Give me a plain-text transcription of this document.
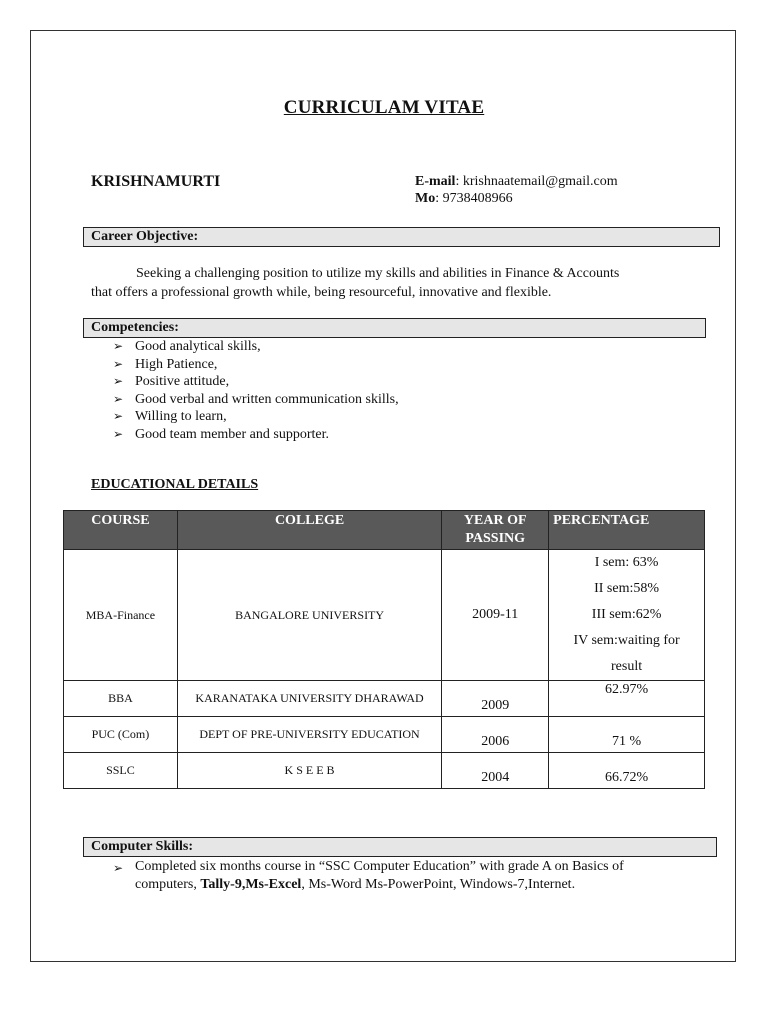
CURRICULAM VITAE
KRISHNAMURTI	E-mail: krishnaatemail@gmail.com
Mo: 9738408966
Career Objective:
Seeking a challenging position to utilize my skills and abilities in Finance & Accounts
that offers a professional growth while, being resourceful, innovative and flexible.
Competencies:
➢ Good analytical skills,
➢ High Patience,
➢ Positive attitude,
➢ Good verbal and written communication skills,
➢ Willing to learn,
➢ Good team member and supporter.
EDUCATIONAL DETAILS
COURSE	COLLEGE	YEAR OF PASSING	PERCENTAGE
MBA-Finance	BANGALORE UNIVERSITY	2009-11	I sem: 63%
II sem:58%
III sem:62%
IV sem:waiting for
result

BBA	KARANATAKA UNIVERSITY DHARAWAD	2009	62.97%
PUC (Com)	DEPT OF PRE-UNIVERSITY EDUCATION	2006	71 %
SSLC	K S E E B	2004	66.72%
Computer Skills:
➢ Completed six months course in “SSC Computer Education” with grade A on Basics of computers, Tally-9,Ms-Excel, Ms-Word Ms-PowerPoint, Windows-7,Internet.
